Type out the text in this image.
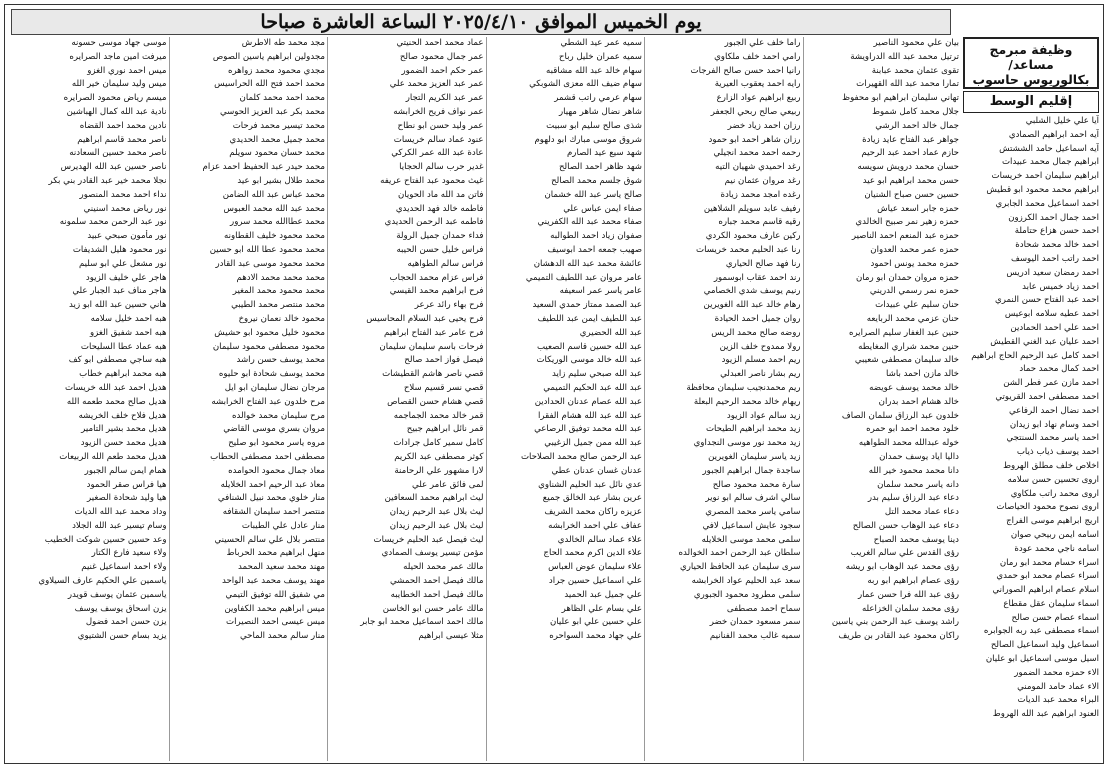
يوم الخميس الموافق ٢٠٢٥/٤/١٠ الساعة العاشرة صباحا
وظيفة مبرمج مساعد/
بكالوريوس حاسوب
إقليم الوسط
آيا علي خليل الشلبي
آيه احمد ابراهيم الصمادي
آيه اسماعيل حامد الششتش
ابراهيم جمال محمد عبيدات
ابراهيم سليمان احمد خريسات
ابراهيم محمد محمود ابو قطيش
احمد اسماعيل محمد الجابري
احمد جمال احمد الكرزون
احمد حسن هزاع حتاملة
احمد خالد محمد شحادة
احمد راتب احمد اليوسف
احمد رمضان سعيد ادريس
احمد زياد خميس عابد
احمد عبد الفتاح حسن النمري
احمد عطيه سلامه ابوعيس
احمد علي احمد الحمادين
احمد عليان عبد الغني القطيش
احمد كامل عبد الرحيم الحاج ابراهيم
احمد كمال محمد حماد
احمد مازن عمر فطر الشن
احمد مصطفى احمد القريوتي
احمد نضال احمد الرفاعي
احمد وسام نهاد ابو زيدان
احمد ياسر محمد السنتجي
احمد يوسف ذياب ذياب
اخلاص خلف مطلق الهروط
اروى تحسين حسن سلامه
اروى محمد راتب ملكاوي
اروى نصوح محمود الحياصات
اريج ابراهيم موسى الفراج
اسامه ايمن ربيحي صوان
اسامه ناجي محمد عودة
اسراء حسام محمد ابو رمان
اسراء عصام محمد ابو حمدي
اسلام عصام ابراهيم الصوراني
اسماء سليمان عقل مقطاع
اسماء عصام حسن صالح
اسماء مصطفى عبد ربه الجوابره
اسماعيل وليد اسماعيل الصالح
اسيل موسى اسماعيل ابو عليان
الاء حمزه محمد الضمور
الاء عماد حامد المومني
البراء محمد عبد الديات
العنود ابراهيم عبد الله الهروط
بيان علي محمود الناصير
ترتيل محمد عبد الله الدراويشة
تقوى عثمان محمد عبابنة
تمارا محمد عبد الله القهيرات
تهاني سليمان ابراهيم ابو محفوظ
جلال محمد كامل شموط
جمال خالد احمد الرشي
جواهر عبد الفتاح عايد زيادة
حازم عماد احمد عبد الرحيم
حسان محمد درويش سويسه
حسن محمد ابراهيم ابو عيد
حسين حسن صباح الشنيان
حمزه جابر اسعد عياش
حمزه زهير نمر صبيح الخالدي
حمزه عبد المنعم احمد الناصير
حمزه عمر محمد العدوان
حمزه محمد يونس احمود
حمزه مروان حمدان ابو رمان
حمزه نمر رسمي الدريني
حنان سليم علي عبيدات
حنان عزمي محمد الربايعه
حنين عبد الغفار سليم الصرايره
حنين محمد شراري المغايطه
خالد سليمان مصطفى شعيبي
خالد مازن احمد باشا
خالد محمد يوسف عويضه
خالد هشام احمد بدران
خلدون عبد الرزاق سلمان الصاف
خلود محمد احمد ابو حمره
خوله عبدالله محمد الطواهيه
داليا اياد يوسف حمدان
دانا محمد محمود خير الله
دانه ياسر محمد سلمان
دعاء عبد الرزاق سليم بدر
دعاء عماد محمد التل
دعاء عبد الوهاب حسن الصالح
دينا يوسف محمد الصباح
رؤى القدس علي سالم الغريب
رؤى محمد عبد الوهاب ابو ريشه
رؤى عصام ابراهيم ابو ربه
رؤى عبد الله فرا حسن عمار
رؤى محمد سلمان الخزاعله
راشد يوسف عبد الرحمن بني ياسين
راكان محمود عبد القادر بن طريف
راما خلف علي الجبور
رامي احمد خلف ملكاوي
رانيا احمد حسن صالح الفرجات
رايه احمد يعقوب العيرية
ربيع ابراهيم عواد الزارع
ربيعي صالح ربحي الجعفر
رزان احمد زياد خضر
رزان شاهر احمد ابو حمود
رحمه احمد محمد انجيلي
رغد احميدي شهيان التيه
رغد مروان عثمان نيم
رغده امجد محمد زيادة
رفيف عابد سويلم الشلاهين
رقيه قاسم محمد جباره
ركين عارف محمود الكردي
رنا عبد الحليم محمد خريسات
رنا فهد صالح الحياري
رند احمد عقاب ابوسمور
رنيم يوسف شدي الخصامي
رهام خالد عبد الله الغويرين
روان جميل احمد الحيادة
روضه صالح محمد الريس
رولا ممدوح خلف الزين
ريم احمد مسلم الزيود
ريم بشار ناصر العبدلي
ريم محمدنجيب سليمان محافظة
ريهام خالد محمد الرحيم البعلة
زيد سالم عواد الزيود
زيد محمد ابراهيم الطيحات
زيد محمد نور موسى النجداوي
زيد ياسر سليمان الغويرين
ساجدة جمال ابراهيم الجبور
سارة محمد محمود صالح
سالي اشرف سالم ابو نوير
سامي ياسر محمد المصري
سجود عايش اسماعيل لافي
سلمى محمد موسى الخلايله
سلطان عبد الرحمن احمد الخوالده
سرى سليمان عبد الحافظ الحياري
سعد عبد الحليم عواد الخرابشه
سلمى مطرود محمود الجبوري
سماح احمد مصطفى
سمر مسعود حمدان خضر
سميه غالب محمد الفنانيم
سميه عمر عيد الشطي
سميه عمران خليل رباح
سهام خالد عبد الله مشاقبه
سهام ضيف الله معزى الشوبكي
سهام عرمي راتب قشمر
شاهر نضال شاهر مهيار
شذى صالح سليم ابو سبيت
شروق موسى مبارك ابو دلهوم
شهد سيع عيد الصارم
شهد ظاهر احمد الصالح
شوق جلسم محمد الصالح
صالح ياسر عبد الله خشمان
صفاء ايمن عباس علي
صفاء محمد عبد الله الكفريني
صفوان زياد احمد الطوالبه
صهيب جمعه احمد ابوسيف
عائشة محمد عبد الله الدهشان
عامر مروان عبد اللطيف التميمي
عامر ياسر عمر اسعيفه
عبد الصمد ممتاز حمدي السعيد
عبد اللطيف ايمن عبد اللطيف
عبد الله الحضيري
عبد الله حسين قاسم الصعيب
عبد الله خالد موسى الوريكات
عبد الله صبحي سليم زايد
عبد الله عبد الحكيم التميمي
عبد الله عصام عدنان الحدادين
عبد الله عبد الله هشام الفقرا
عبد الله محمد توفيق الرصاعي
عبد الله ممن جميل الزغيبي
عبد الرحمن صالح محمد الصلاحات
عدنان غسان عدنان عطي
عدي نائل عبد الحليم الشناوي
عرين بشار عبد الخالق جميع
عزيزه راكان محمد الشريف
عفاف علي احمد الخرابشه
علاء عماد سالم الخالدي
علاء الدين اكرم محمد الحاج
علاء سليمان عوض العباس
علي اسماعيل حسين جراد
علي جميل عبد الحميد
علي بسام علي الظاهر
علي حسين علي ابو عليان
علي جهاد محمد السواحره
عماد محمد احمد الحنيتي
عمر جمال محمود صالح
عمر حكم احمد الضمور
عمر عبد العزيز محمد علي
عمر عبد الكريم التجار
عمر نواف فريح الخرابشه
عمر وليد حسن ابو نطاح
عنود عماد سالم خريسات
عادة عبد الله عمر الكركي
غدير حرب سالم الحجايا
غيث محمود عبد الفتاح عريفه
فاتن مد الله ماد الحويان
فاطمه خالد فهد الحديدي
فاطمه عبد الرحمن الحديدي
فداء حمدان جميل الرولة
فراس خليل حسن الحيبه
فراس سالم الطواهيه
فراس عزام محمد الحجاب
فرح ابراهيم محمد القيسي
فرح بهاء رائد عرعر
فرح يحيى عبد السلام المحاسيس
فرح عامر عبد الفتاح ابراهيم
فرحات باسم سليمان سليمان
فيصل فواز احمد صالح
قصي ناصر هاشم القطيشات
قصي نسر قسيم سلاح
قصي هشام حسن القصاص
قمر خالد محمد الجماجمه
قمر نائل ابراهيم جبيح
كامل سمير كامل جرادات
كوثر مصطفى عبد الكريم
لارا مشهور علي الرحامنة
لمى فائق عامر علي
ليث ابراهيم محمد السعافين
ليث بلال عبد الرحيم زيدان
ليث بلال عبد الرحيم زيدان
ليث فيصل عبد الحليم خريسات
مؤمن تيسير يوسف الصمادي
مالك عمر محمد الحيله
مالك فيصل احمد الحمشي
مالك فيصل احمد الخطايبه
مالك عامر حسن ابو الخاسن
مالك احمد اسماعيل محمد ابو جابر
مثلا عيسى ابراهيم
مجد محمد طه الاطرش
مجدولين ابراهيم ياسين الصوص
مجدي محمود محمد زواهره
محمد احمد فتح الله الحراسيس
محمد احمد محمد كلمان
محمد بكر عبد العزيز الحوسي
محمد تيسير محمد فرحات
محمد جميل محمد الحديدي
محمد حسان محمود سويلم
محمد حيدر عبد الحفيظ احمد عزام
محمد طلال بشير ابو عيد
محمد عباس عبد الله الضامن
محمد عبد الله محمد العبوس
محمد عطاالله محمد سرور
محمد محمود خليف القطاونه
محمد محمود عطا الله ابو حسين
محمد محمود موسى عبد القادر
محمد محمد محمد الادهم
محمد محمود محمد المغير
محمد منتصر محمد الطيبي
محمود خالد نعمان نيروخ
محمود خليل محمود ابو حشيش
محمود مصطفى محمود سليمان
محمد يوسف حسن راشد
محمد يوسف شحادة ابو حليوه
مرجان نضال سليمان ابو ايل
مرح خلدون عبد الفتاح الخرابشه
مرح سليمان محمد خوالده
مروان بسري موسى القاضي
مروه ياسر محمود ابو صليح
مصطفى احمد مصطفى الحطاب
معاذ جمال محمود الحوامده
معاذ عبد الرحيم احمد الخلايله
منار خلوي محمد نبيل الشنافي
منتصر احمد سليمان الشقافه
منار عادل علي الطيبات
منتصر بلال علي سالم الحسيني
منهل ابراهيم محمد الحرباط
مهند محمد سعيد المحمد
مهند يوسف محمد عبد الواحد
مي شفيق الله توفيق التيمي
ميس ابراهيم محمد الكفاوين
ميس عيسى احمد النصيرات
منار سالم محمد الماحي
موسى جهاد موسى حسونه
ميرفت امين ماجد الصرايره
ميس احمد نوري الغزو
ميس وليد سليمان خير الله
ميسم رياض محمود الصرايره
نادية عبد الله كمال الهباشين
نادين محمد احمد القضاه
ناصر محمد قاسم ابراهيم
ناصر محمد حسين السعادنه
ناصر حسين عبد الله الهديرس
نجلا محمد خير عبد القادر بني بكر
نداء احمد محمد المنصور
نور رياض محمد اسنيني
نور عبد الرحمن محمد سلمونه
نور مأمون صبحي عبيد
نور محمود هليل الشديفات
نور مشعل علي ابو سليم
هاجر علي خليف الزيود
هاجر مناف عبد الجبار علي
هاني حسين عبد الله ابو زيد
هبه احمد خليل سلامه
هبه احمد شفيق الغزو
هبه عماد عطا السليحات
هبه ساجي مصطفى ابو كف
هبه محمد ابراهيم خطاب
هديل احمد عبد الله خريسات
هديل صالح محمد طعمه الله
هديل فلاح خلف الخريشه
هديل محمد بشير التامير
هديل محمد حسن الزيود
هديل محمد طعم الله الربيعات
همام ايمن سالم الجبور
هيا فراس صقر الحمود
هيا وليد شحادة الصغير
وداد محمد عبد الله الديات
وسام تيسير عبد الله الجلاد
وعد حسين حسين شوكت الخطيب
ولاء سعيد فارع الكتار
ولاء احمد اسماعيل غنيم
ياسمين علي الحكيم عارف السيلاوي
ياسمين عثمان يوسف قويدر
يزن اسحاق يوسف يوسف
يزن حسن احمد فضول
يزيد بسام حسن الشتيوي
